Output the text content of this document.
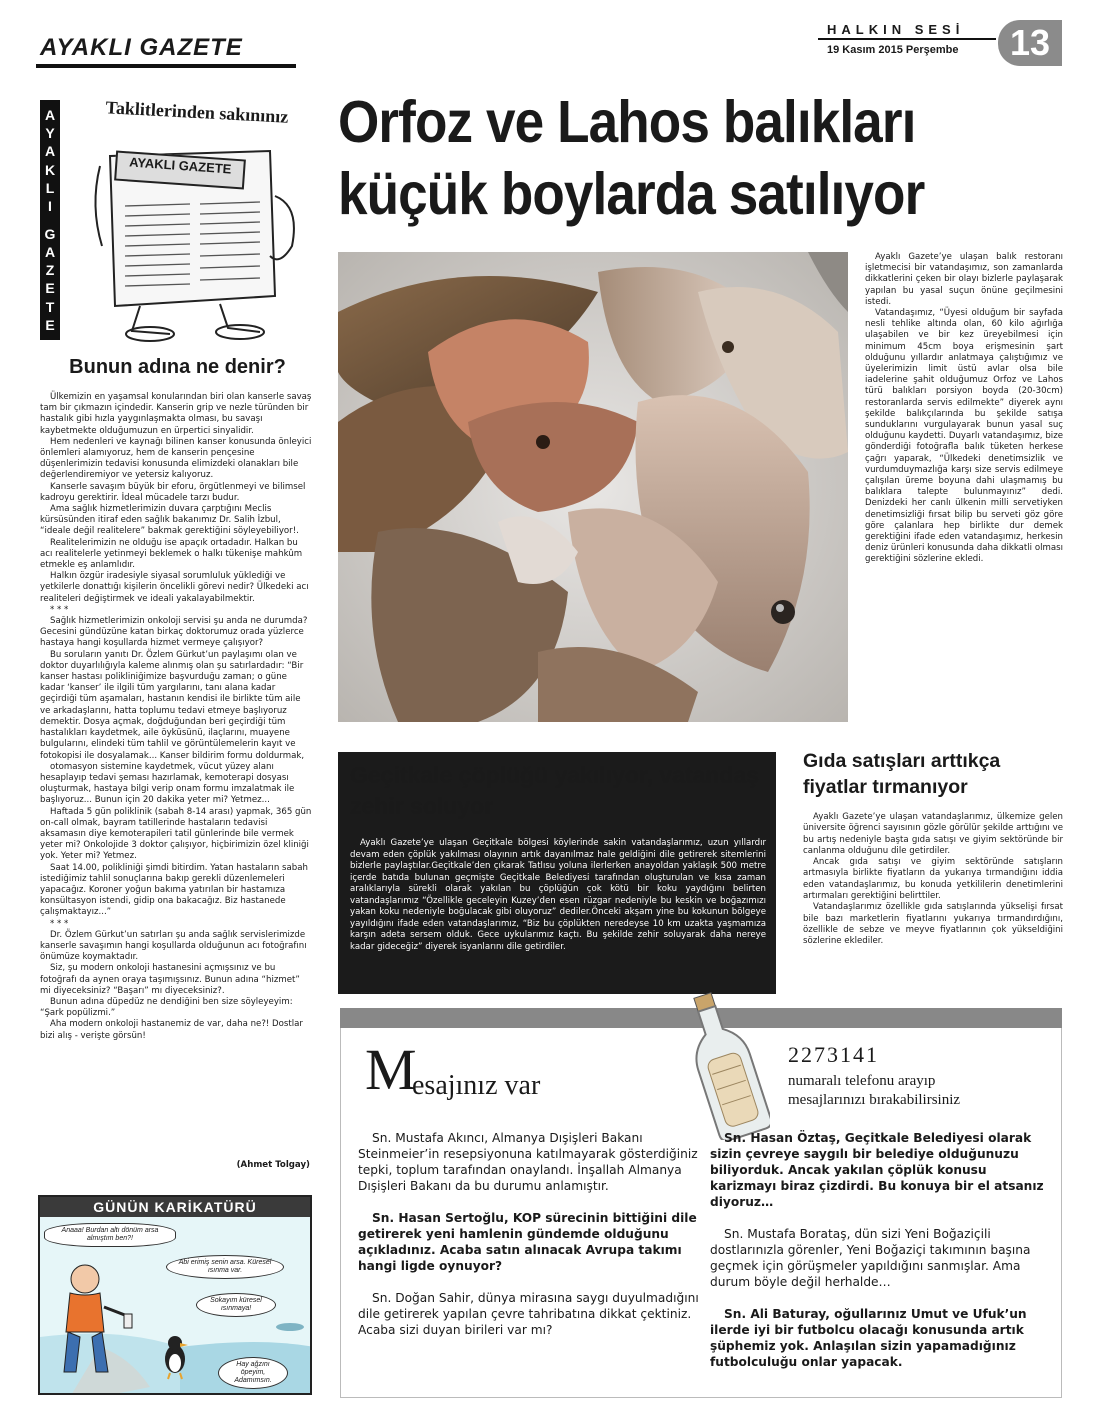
AYAKLI GAZETE
HALKIN SESİ
19 Kasım 2015 Perşembe	13
A
Y
A
K
L
I
G
A
Z
E
T
E
Taklitlerinden sakınınız
AYAKLI GAZETE
Orfoz ve Lahos balıkları küçük boylarda satılıyor

Ayaklı Gazete’ye ulaşan balık restoranı işletmecisi bir vatandaşımız, son zamanlarda dikkatlerini çeken bir olayı bizlerle paylaşarak yapılan bu yasal suçun önüne geçilmesini istedi.

Vatandaşımız, “Üyesi olduğum bir sayfada nesli tehlike altında olan, 60 kilo ağırlığa ulaşabilen ve bir kez üreyebilmesi için minimum 45cm boya erişmesinin şart olduğunu yıllardır anlatmaya çalıştığımız ve üyelerimizin limit üstü avlar olsa bile iadelerine şahit olduğumuz Orfoz ve Lahos türü balıkları porsiyon boyda (20-30cm) restoranlarda servis edilmekte” diyerek aynı şekilde balıkçılarında bu şekilde satışa sunduklarını vurgulayarak bunun yasal suç olduğunu kaydetti. Duyarlı vatandaşımız, bize gönderdiği fotoğrafla balık tüketen herkese çağrı yaparak, “Ülkedeki denetimsizlik ve vurdumduymazlığa karşı size servis edilmeye çalışılan üreme boyuna dahi ulaşmamış bu balıklara talepte bulunmayınız” dedi. Denizdeki her canlı ülkenin milli servetiyken denetimsizliği fırsat bilip bu serveti göz göre göre çalanlara hep birlikte dur demek gerektiğini ifade eden vatandaşımız, herkesin deniz ürünleri konusunda daha dikkatli olması gerektiğini sözlerine ekledi.

Bunun adına ne denir?

Ülkemizin en yaşamsal konularından biri olan kanserle savaş tam bir çıkmazın içindedir. Kanserin grip ve nezle türünden bir hastalık gibi hızla yaygınlaşmakta olması, bu savaşı kaybetmekte olduğumuzun en ürpertici sinyalidir.

Hem nedenleri ve kaynağı bilinen kanser konusunda önleyici önlemleri alamıyoruz, hem de kanserin pençesine düşenlerimizin tedavisi konusunda elimizdeki olanakları bile değerlendiremiyor ve yetersiz kalıyoruz.

Kanserle savaşım büyük bir eforu, örgütlenmeyi ve bilimsel kadroyu gerektirir. İdeal mücadele tarzı budur.

Ama sağlık hizmetlerimizin duvara çarptığını Meclis kürsüsünden itiraf eden sağlık bakanımız Dr. Salih İzbul, “ideale değil realitelere” bakmak gerektiğini söyleyebiliyor!.

Realitelerimizin ne olduğu ise apaçık ortadadır. Halkan bu acı realitelerle yetinmeyi beklemek o halkı tükenişe mahkûm etmekle eş anlamlıdır.

Halkın özgür iradesiyle siyasal sorumluluk yüklediği ve yetkilerle donattığı kişilerin öncelikli görevi nedir? Ülkedeki acı realiteleri değiştirmek ve ideali yakalayabilmektir.

* * *

Sağlık hizmetlerimizin onkoloji servisi şu anda ne durumda? Gecesini gündüzüne katan birkaç doktorumuz orada yüzlerce hastaya hangi koşullarda hizmet vermeye çalışıyor?

Bu soruların yanıtı Dr. Özlem Gürkut’un paylaşımı olan ve doktor duyarlılığıyla kaleme alınmış olan şu satırlardadır: “Bir kanser hastası polikliniğimize başvurduğu zaman; o güne kadar ‘kanser’ ile ilgili tüm yargılarını, tanı alana kadar geçirdiği tüm aşamaları, hastanın kendisi ile birlikte tüm aile ve arkadaşlarını, hatta toplumu tedavi etmeye başlıyoruz demektir. Dosya açmak, doğduğundan beri geçirdiği tüm hastalıkları kaydetmek, aile öyküsünü, ilaçlarını, muayene bulgularını, elindeki tüm tahlil ve görüntülemelerin kayıt ve fotokopisi ile dosyalamak... Kanser bildirim formu doldurmak,

otomasyon sistemine kaydetmek, vücut yüzey alanı hesaplayıp tedavi şeması hazırlamak, kemoterapi dosyası oluşturmak, hastaya bilgi verip onam formu imzalatmak ile başlıyoruz... Bunun için 20 dakika yeter mi? Yetmez...

Haftada 5 gün poliklinik (sabah 8-14 arası) yapmak, 365 gün on-call olmak, bayram tatillerinde hastaların tedavisi aksamasın diye kemoterapileri tatil günlerinde bile vermek yeter mi? Onkolojide 3 doktor çalışıyor, hiçbirimizin özel kliniği yok. Yeter mi? Yetmez.

Saat 14.00, polikliniği şimdi bitirdim. Yatan hastaların sabah istediğimiz tahlil sonuçlarına bakıp gerekli düzenlemeleri yapacağız. Koroner yoğun bakıma yatırılan bir hastamıza konsültasyon istendi, gidip ona bakacağız. Biz hastanede çalışmaktayız...”

* * *

Dr. Özlem Gürkut’un satırları şu anda sağlık servislerimizde kanserle savaşımın hangi koşullarda olduğunun acı fotoğrafını önümüze koymaktadır.

Siz, şu modern onkoloji hastanesini açmışsınız ve bu fotoğrafı da aynen oraya taşımışsınız. Bunun adına “hizmet” mi diyeceksiniz? “Başarı” mı diyeceksiniz?.

Bunun adına düpedüz ne dendiğini ben size söyleyeyim: “Şark popülizmi.”

Aha modern onkoloji hastanemiz de var, daha ne?! Dostlar bizi alış - verişte görsün!

(Ahmet Tolgay)
Anaaa! Burdan altı dönüm arsa almıştım ben?!
Abi erimiş senin arsa. Küresel ısınma var.
Sokayım küresel ısınmaya!
Hay ağzını öpeyim, Adamımsın.
GÜNÜN KARİKATÜRÜ
Geçitkale çöplüğü yakılıyor, vatandaş zehir soluyor

Ayaklı Gazete’ye ulaşan Geçitkale bölgesi köylerinde sakin vatandaşlarımız, uzun yıllardır devam eden çöplük yakılması olayının artık dayanılmaz hale geldiğini dile getirerek sitemlerini bizlerle paylaştılar.Geçitkale’den çıkarak Tatlısu yoluna ilerlerken anayoldan yaklaşık 500 metre içerde batıda bulunan geçmişte Geçitkale Belediyesi tarafından oluşturulan ve kısa zaman aralıklarıyla sürekli olarak yakılan bu çöplüğün çok kötü bir koku yaydığını belirten vatandaşlarımız “Özellikle geceleyin Kuzey’den esen rüzgar nedeniyle bu keskin ve boğazımızı yakan koku nedeniyle boğulacak gibi oluyoruz” dediler.Önceki akşam yine bu kokunun bölgeye yayıldığını ifade eden vatandaşlarımız, “Biz bu çöplükten neredeyse 10 km uzakta yaşmamıza karşın adeta sersem olduk. Gece uykularımız kaçtı. Bu şekilde zehir soluyarak daha nereye kadar gideceğiz” diyerek isyanlarını dile getirdiler.

Gıda satışları arttıkça fiyatlar tırmanıyor

Ayaklı Gazete’ye ulaşan vatandaşlarımız, ülkemize gelen üniversite öğrenci sayısının gözle görülür şekilde arttığını ve bu artış nedeniyle başta gıda satışı ve giyim sektöründe bir canlanma olduğunu dile getirdiler.

Ancak gıda satışı ve giyim sektöründe satışların artmasıyla birlikte fiyatların da yukarıya tırmandığını iddia eden vatandaşlarımız, bu konuda yetkililerin denetimlerini artırmaları gerektiğini belirttiler.

Vatandaşlarımız özellikle gıda satışlarında yükselişi fırsat bile bazı marketlerin fiyatlarını yukarıya tırmandırdığını, özellikle de sebze ve meyve fiyatlarının çok yükseldiğini sözlerine eklediler.

M
esajınız var
2273141
numaralı telefonu arayıp
mesajlarınızı bırakabilirsiniz

Sn. Mustafa Akıncı, Almanya Dışişleri Bakanı Steinmeier’in resepsiyonuna katılmayarak gösterdiğiniz tepki, toplum tarafından onaylandı. İnşallah Almanya Dışişleri Bakanı da bu durumu anlamıştır.

Sn. Hasan Sertoğlu, KOP sürecinin bittiğini dile getirerek yeni hamlenin gündemde olduğunu açıkladınız. Acaba satın alınacak Avrupa takımı hangi ligde oynuyor?

Sn. Doğan Sahir, dünya mirasına saygı duyulmadığını dile getirerek yapılan çevre tahribatına dikkat çektiniz. Acaba sizi duyan birileri var mı?

Sn. Hasan Öztaş, Geçitkale Belediyesi olarak sizin çevreye saygılı bir belediye olduğunuzu biliyorduk. Ancak yakılan çöplük konusu karizmayı biraz çizdirdi. Bu konuya bir el atsanız diyoruz…

Sn. Mustafa Borataş, dün sizi Yeni Boğaziçili dostlarınızla görenler, Yeni Boğaziçi takımının başına geçmek için görüşmeler yapıldığını sanmışlar. Ama durum böyle değil herhalde…

Sn. Ali Baturay, oğullarınız Umut ve Ufuk’un ilerde iyi bir futbolcu olacağı konusunda artık şüphemiz yok. Anlaşılan sizin yapamadığınız futbolculuğu onlar yapacak.
